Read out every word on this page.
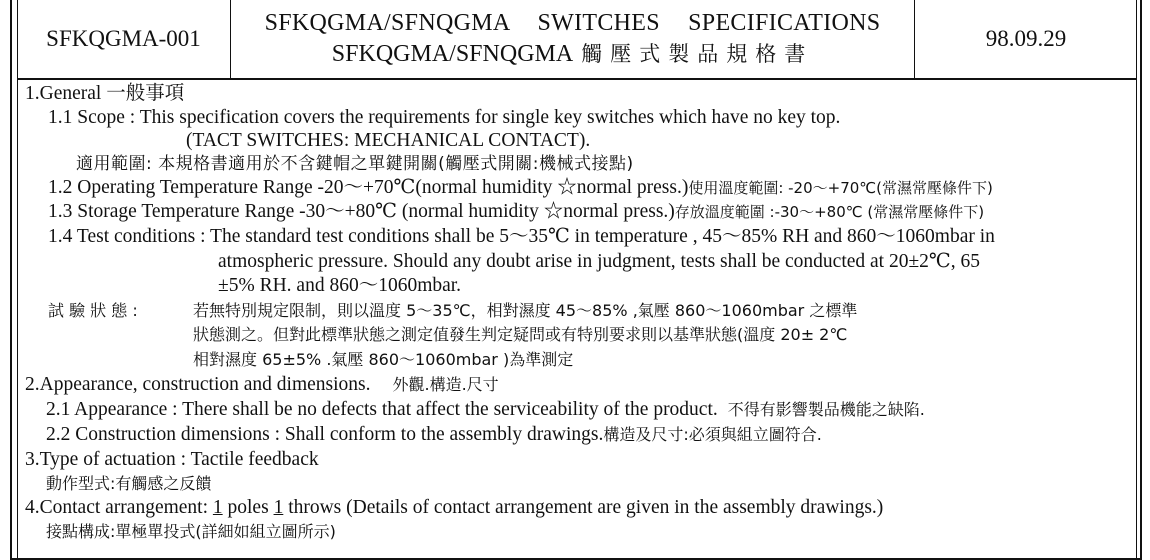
SFKQGMA-001
SFKQGMA/SFNQGMA SWITCHES SPECIFICATIONS
SFKQGMA/SFNQGMA 觸壓式製品規格書
98.09.29
1.General 一般事項
1.1 Scope : This specification covers the requirements for single key switches which have no key top.
(TACT SWITCHES: MECHANICAL CONTACT).
適用範圍: 本規格書適用於不含鍵帽之單鍵開關(觸壓式開關:機械式接點)
1.2 Operating Temperature Range -20～+70℃(normal humidity ☆normal press.)使用溫度範圍: -20～+70℃(常濕常壓條件下)
1.3 Storage Temperature Range -30～+80℃ (normal humidity ☆normal press.)存放溫度範圍 :-30～+80℃ (常濕常壓條件下)
1.4 Test conditions : The standard test conditions shall be 5～35℃ in temperature , 45～85% RH and 860～1060mbar in
atmospheric pressure. Should any doubt arise in judgment, tests shall be conducted at 20±2℃, 65
±5% RH. and 860～1060mbar.
試 驗 狀 態 :	若無特別規定限制，則以溫度 5～35℃，相對濕度 45～85% ,氣壓 860～1060mbar 之標準
狀態測之。但對此標準狀態之測定值發生判定疑問或有特別要求則以基準狀態(溫度 20± 2℃
相對濕度 65±5% .氣壓 860～1060mbar )為準測定
2.Appearance, construction and dimensions. 外觀.構造.尺寸
2.1 Appearance : There shall be no defects that affect the serviceability of the product. 不得有影響製品機能之缺陷.
2.2 Construction dimensions : Shall conform to the assembly drawings.構造及尺寸:必須與組立圖符合.
3.Type of actuation : Tactile feedback
動作型式:有觸感之反饋
4.Contact arrangement: 1 poles 1 throws (Details of contact arrangement are given in the assembly drawings.)
接點構成:單極單投式(詳細如組立圖所示)
